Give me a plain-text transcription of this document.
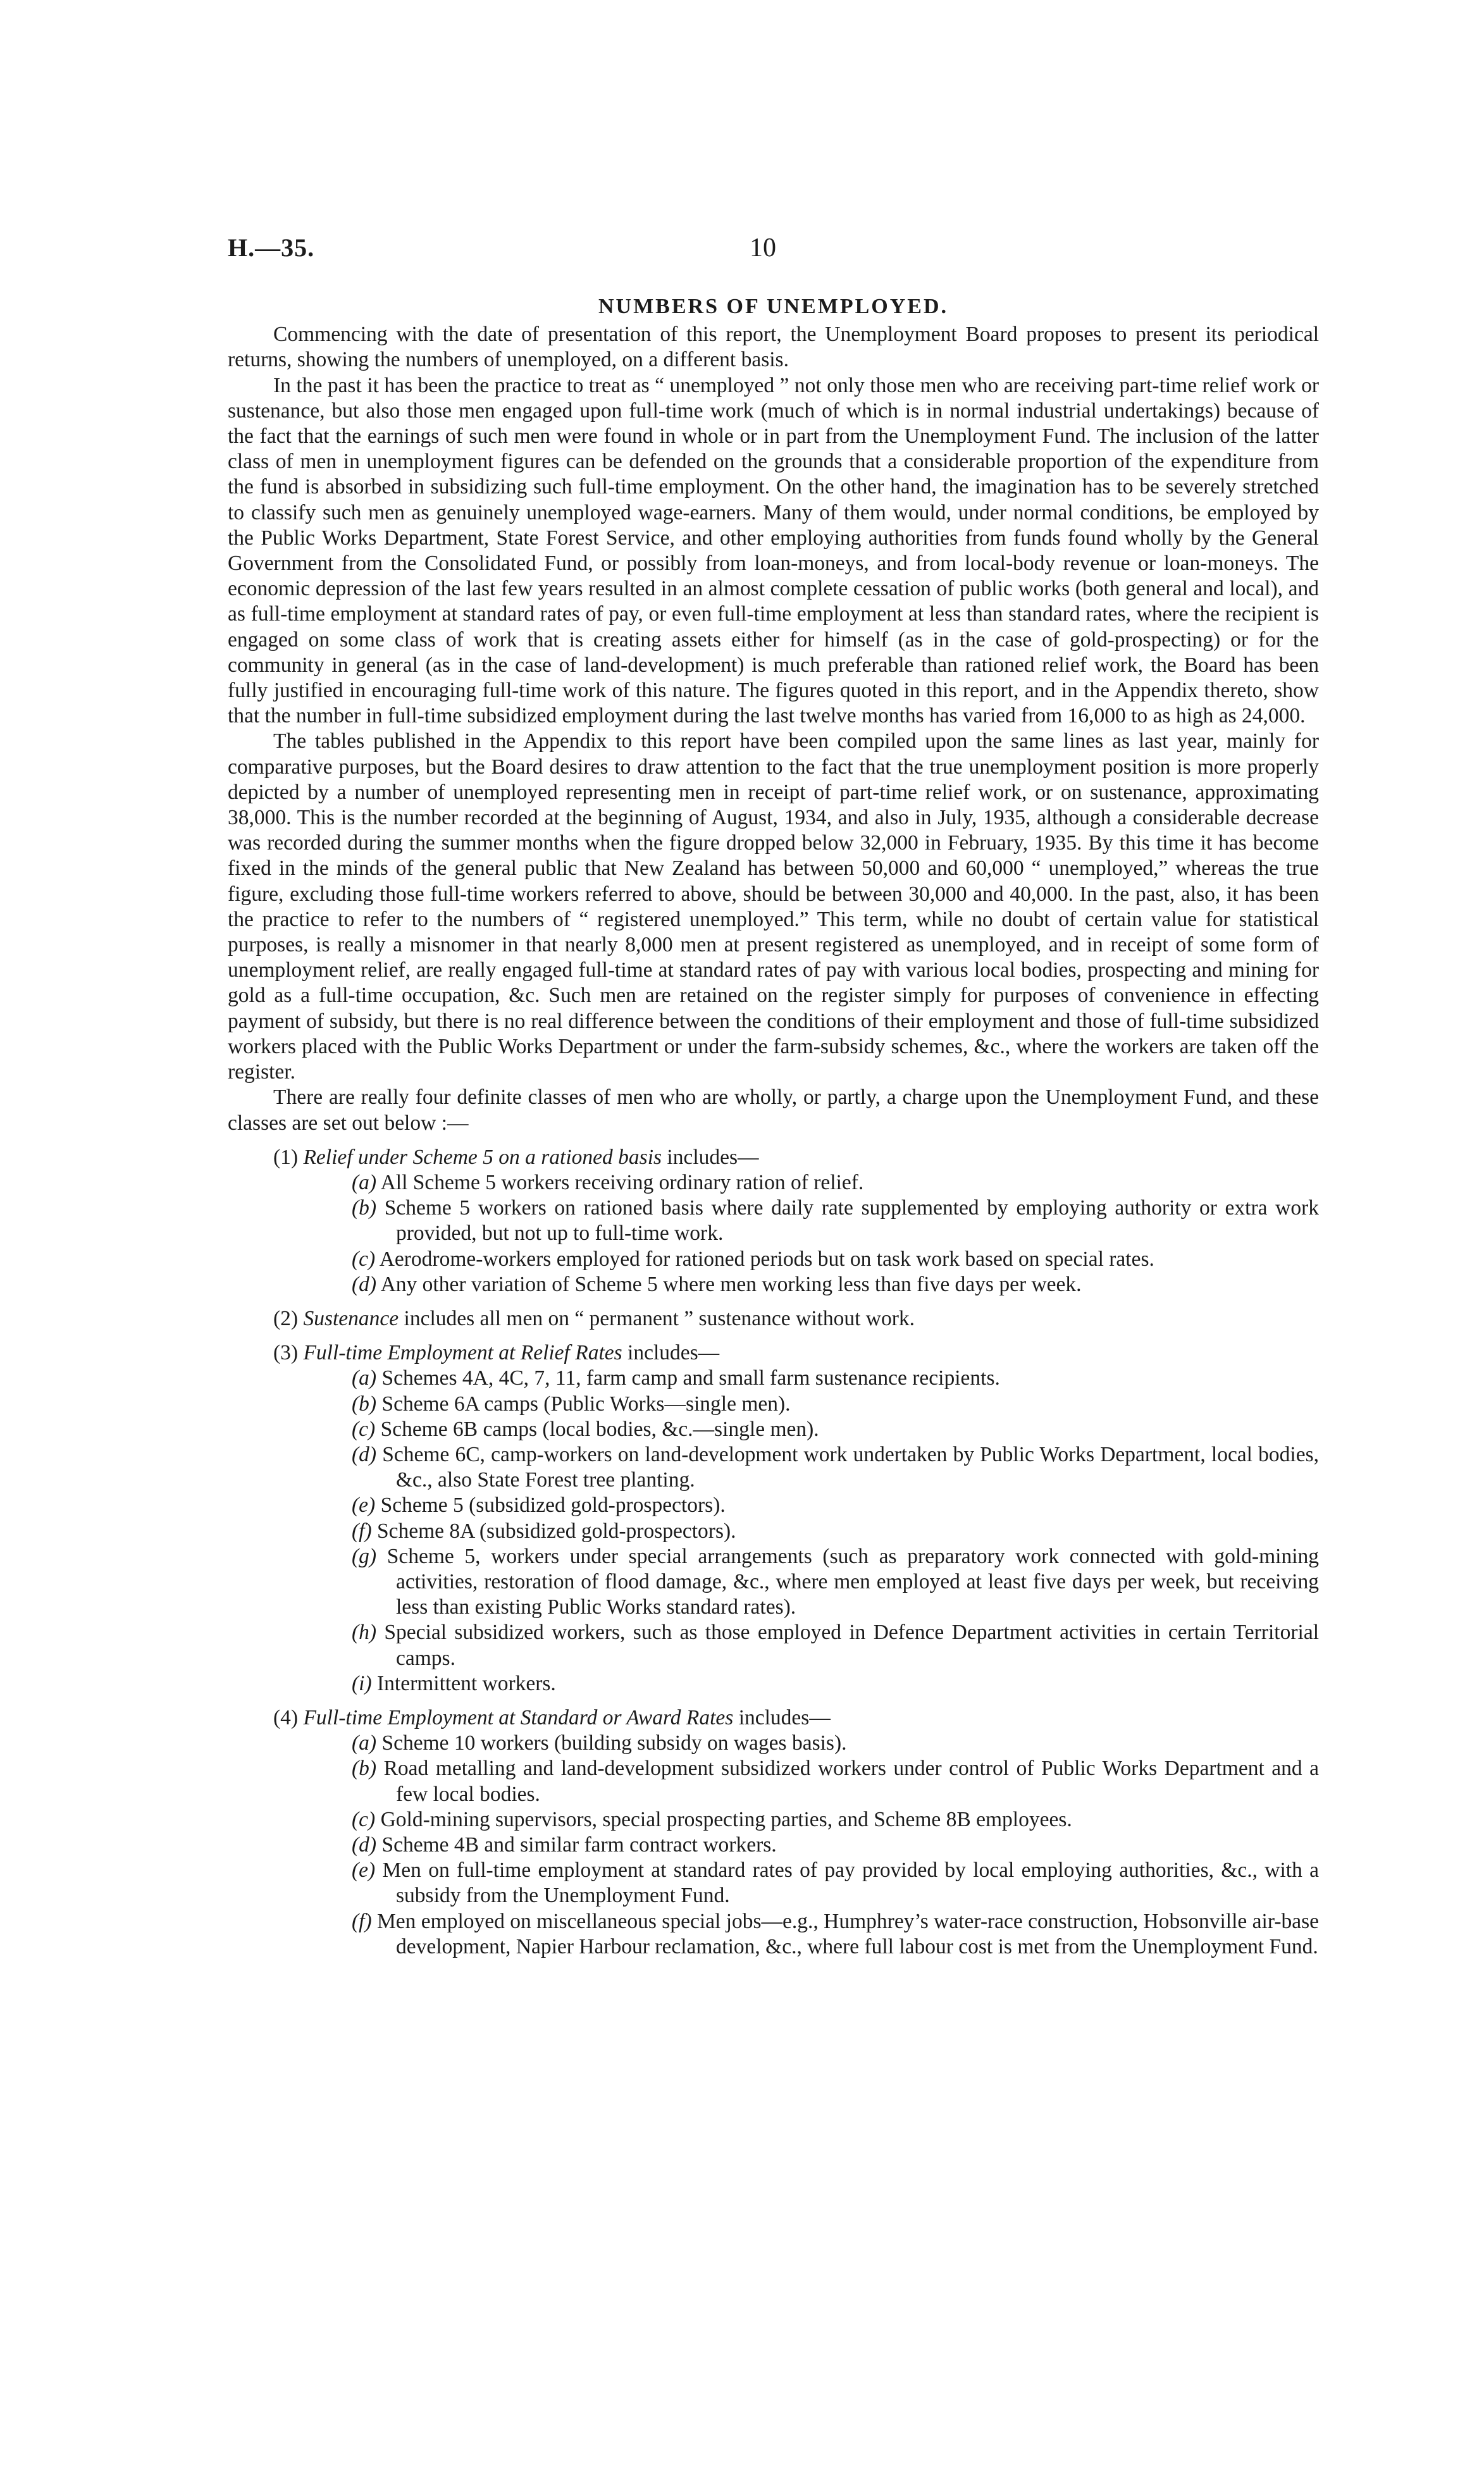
H.—35.	10
NUMBERS OF UNEMPLOYED.

Commencing with the date of presentation of this report, the Unemployment Board proposes to present its periodical returns, showing the numbers of unemployed, on a different basis.

In the past it has been the practice to treat as “ unemployed ” not only those men who are receiving part-time relief work or sustenance, but also those men engaged upon full-time work (much of which is in normal industrial undertakings) because of the fact that the earnings of such men were found in whole or in part from the Unemployment Fund. The inclusion of the latter class of men in unemployment figures can be defended on the grounds that a considerable proportion of the expenditure from the fund is absorbed in subsidizing such full-time employment. On the other hand, the imagination has to be severely stretched to classify such men as genuinely unemployed wage-earners. Many of them would, under normal conditions, be employed by the Public Works Department, State Forest Service, and other employing authorities from funds found wholly by the General Government from the Consolidated Fund, or possibly from loan-moneys, and from local-body revenue or loan-moneys. The economic depression of the last few years resulted in an almost complete cessation of public works (both general and local), and as full-time employment at standard rates of pay, or even full-time employment at less than standard rates, where the recipient is engaged on some class of work that is creating assets either for himself (as in the case of gold-prospecting) or for the community in general (as in the case of land-development) is much preferable than rationed relief work, the Board has been fully justified in encouraging full-time work of this nature. The figures quoted in this report, and in the Appendix thereto, show that the number in full-time subsidized employment during the last twelve months has varied from 16,000 to as high as 24,000.

The tables published in the Appendix to this report have been compiled upon the same lines as last year, mainly for comparative purposes, but the Board desires to draw attention to the fact that the true unemployment position is more properly depicted by a number of unemployed representing men in receipt of part-time relief work, or on sustenance, approximating 38,000. This is the number recorded at the beginning of August, 1934, and also in July, 1935, although a considerable decrease was recorded during the summer months when the figure dropped below 32,000 in February, 1935. By this time it has become fixed in the minds of the general public that New Zealand has between 50,000 and 60,000 “ unemployed,” whereas the true figure, excluding those full-time workers referred to above, should be between 30,000 and 40,000. In the past, also, it has been the practice to refer to the numbers of “ registered unemployed.” This term, while no doubt of certain value for statistical purposes, is really a misnomer in that nearly 8,000 men at present registered as unemployed, and in receipt of some form of unemployment relief, are really engaged full-time at standard rates of pay with various local bodies, prospecting and mining for gold as a full-time occupation, &c. Such men are retained on the register simply for purposes of convenience in effecting payment of subsidy, but there is no real difference between the conditions of their employment and those of full-time subsidized workers placed with the Public Works Department or under the farm-subsidy schemes, &c., where the workers are taken off the register.

There are really four definite classes of men who are wholly, or partly, a charge upon the Unemployment Fund, and these classes are set out below :—

(1) Relief under Scheme 5 on a rationed basis includes—

(a) All Scheme 5 workers receiving ordinary ration of relief.

(b) Scheme 5 workers on rationed basis where daily rate supplemented by employing authority or extra work provided, but not up to full-time work.

(c) Aerodrome-workers employed for rationed periods but on task work based on special rates.

(d) Any other variation of Scheme 5 where men working less than five days per week.

(2) Sustenance includes all men on “ permanent ” sustenance without work.

(3) Full-time Employment at Relief Rates includes—

(a) Schemes 4A, 4C, 7, 11, farm camp and small farm sustenance recipients.

(b) Scheme 6A camps (Public Works—single men).

(c) Scheme 6B camps (local bodies, &c.—single men).

(d) Scheme 6C, camp-workers on land-development work undertaken by Public Works Department, local bodies, &c., also State Forest tree planting.

(e) Scheme 5 (subsidized gold-prospectors).

(f) Scheme 8A (subsidized gold-prospectors).

(g) Scheme 5, workers under special arrangements (such as preparatory work connected with gold-mining activities, restoration of flood damage, &c., where men employed at least five days per week, but receiving less than existing Public Works standard rates).

(h) Special subsidized workers, such as those employed in Defence Department activities in certain Territorial camps.

(i) Intermittent workers.

(4) Full-time Employment at Standard or Award Rates includes—

(a) Scheme 10 workers (building subsidy on wages basis).

(b) Road metalling and land-development subsidized workers under control of Public Works Department and a few local bodies.

(c) Gold-mining supervisors, special prospecting parties, and Scheme 8B employees.

(d) Scheme 4B and similar farm contract workers.

(e) Men on full-time employment at standard rates of pay provided by local employing authorities, &c., with a subsidy from the Unemployment Fund.

(f) Men employed on miscellaneous special jobs—e.g., Humphrey’s water-race construction, Hobsonville air-base development, Napier Harbour reclamation, &c., where full labour cost is met from the Unemployment Fund.
